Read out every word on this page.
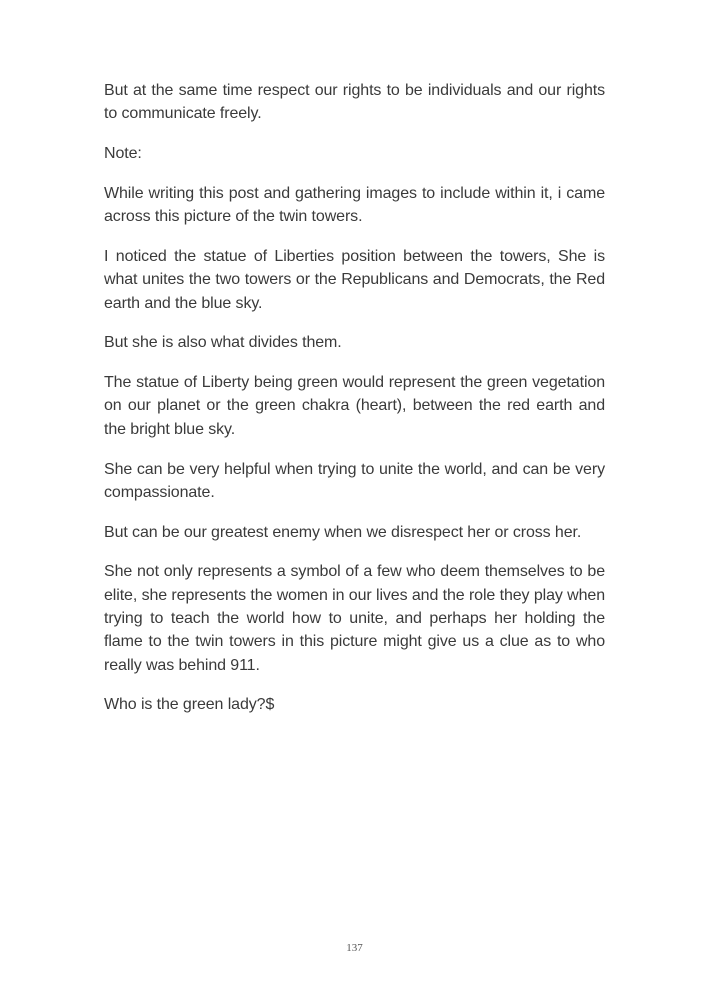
But at the same time respect our rights to be individuals and our rights to communicate freely.

Note:

While writing this post and gathering images to include within it, i came across this picture of the twin towers.

I noticed the statue of Liberties position between the towers, She is what unites the two towers or the Republicans and Democrats, the Red earth and the blue sky.

But she is also what divides them.

The statue of Liberty being green would represent the green vegetation on our planet or the green chakra (heart), between the red earth and the bright blue sky.

She can be very helpful when trying to unite the world, and can be very compassionate.

But can be our greatest enemy when we disrespect her or cross her.

She not only represents a symbol of a few who deem themselves to be elite, she represents the women in our lives and the role they play when trying to teach the world how to unite, and perhaps her holding the flame to the twin towers in this picture might give us a clue as to who really was behind 911.

Who is the green lady?$

137
